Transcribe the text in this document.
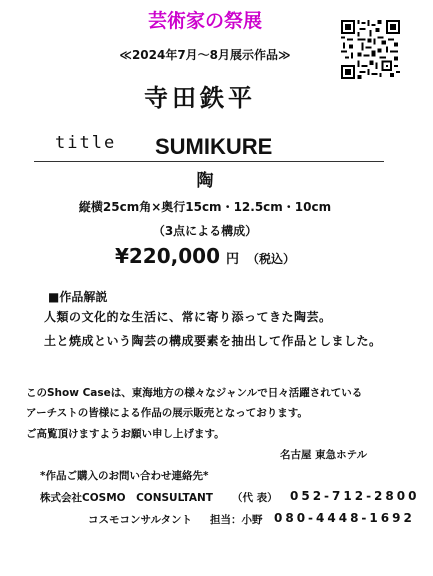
芸術家の祭展
≪2024年7月～8月展示作品≫
寺田鉄平
title SUMIKURE
陶
縦横25cm角×奥行15cm・12.5cm・10cm
（3点による構成）
¥220,000 円 （税込）
■作品解説
人類の文化的な生活に、常に寄り添ってきた陶芸。
土と焼成という陶芸の構成要素を抽出して作品としました。
このShow Caseは、東海地方の様々なジャンルで日々活躍されている
アーチストの皆様による作品の展示販売となっております。
ご高覧頂けますようお願い申し上げます。
名古屋 東急ホテル
*作品ご購入のお問い合わせ連絡先*
株式会社COSMO　CONSULTANT （代 表） 052-712-2800
コスモコンサルタント 担当：小野 080-4448-1692
